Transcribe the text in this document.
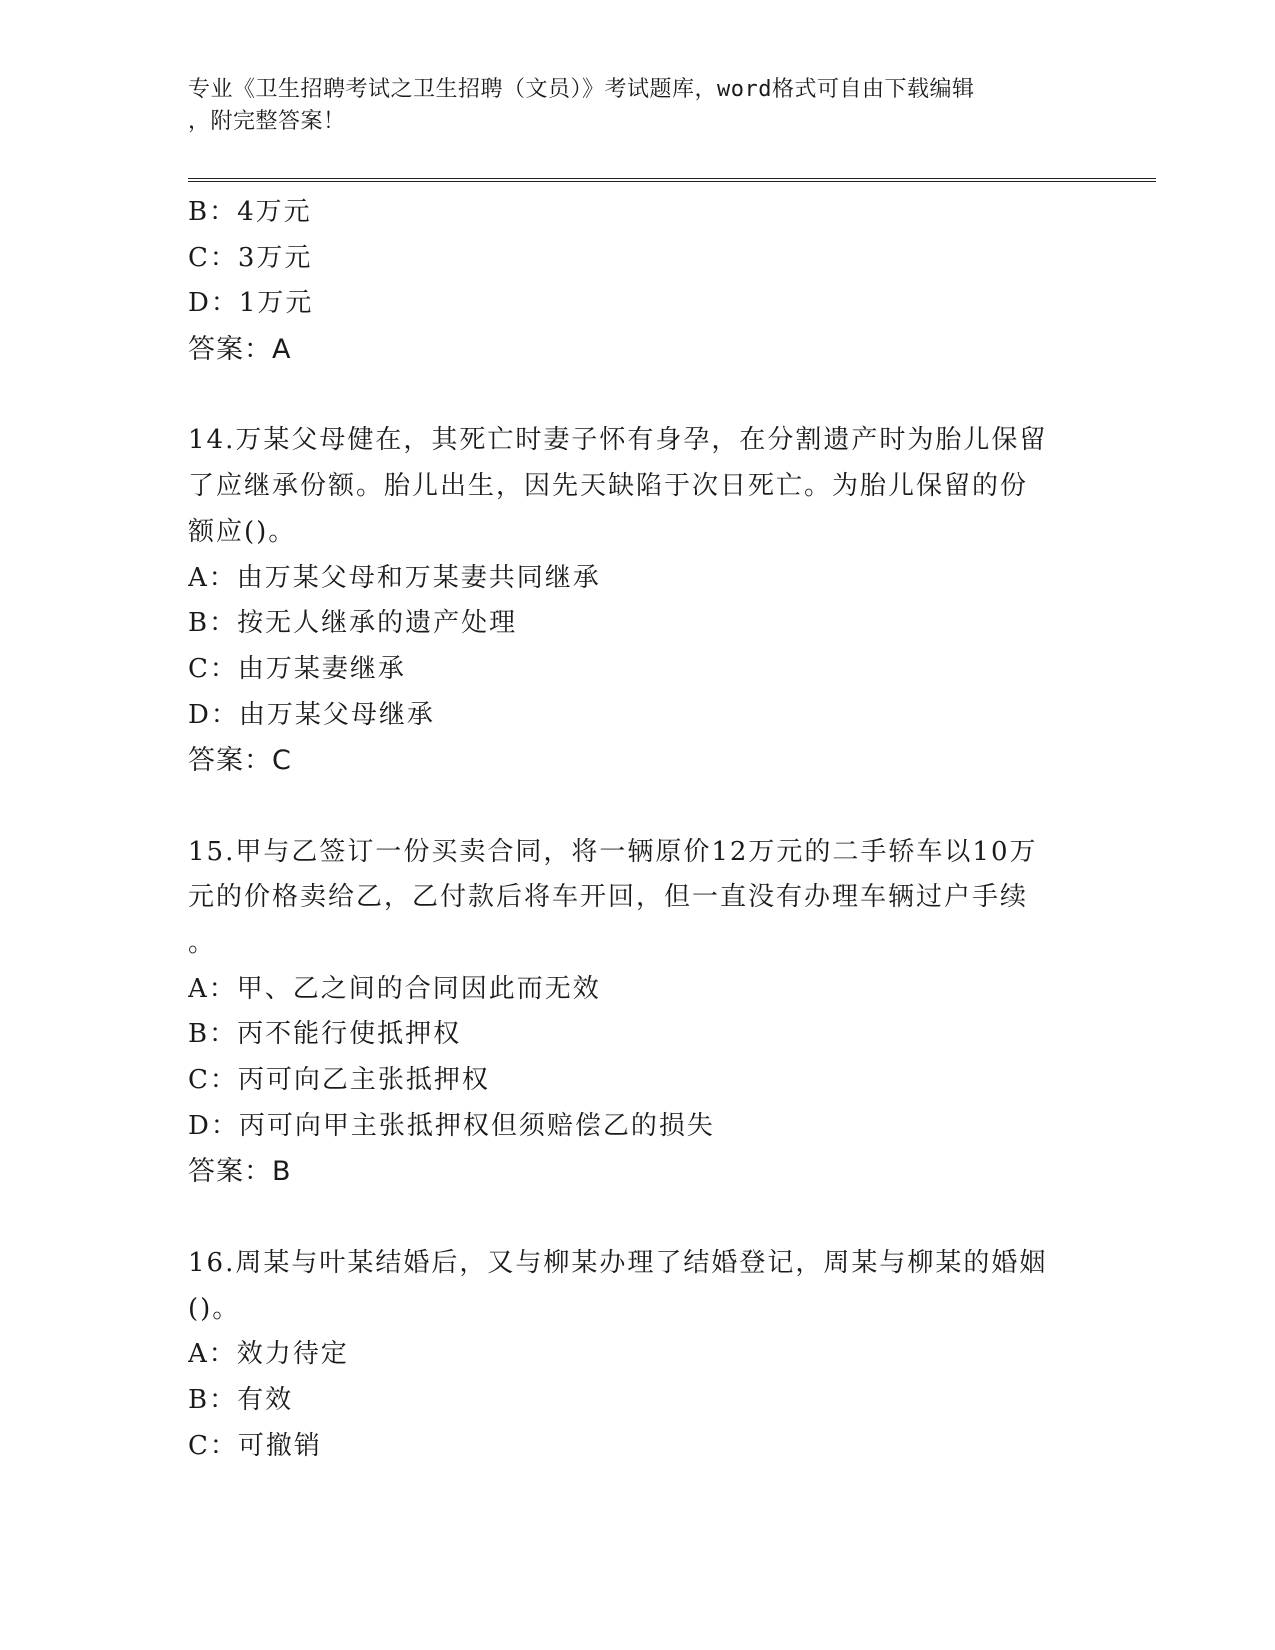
专业《卫生招聘考试之卫生招聘（文员）》考试题库，word格式可自由下载编辑
，附完整答案！
B：4万元
C：3万元
D：1万元
答案：A
14.万某父母健在，其死亡时妻子怀有身孕，在分割遗产时为胎儿保留
了应继承份额。胎儿出生，因先天缺陷于次日死亡。为胎儿保留的份
额应()。
A：由万某父母和万某妻共同继承
B：按无人继承的遗产处理
C：由万某妻继承
D：由万某父母继承
答案：C
15.甲与乙签订一份买卖合同，将一辆原价12万元的二手轿车以10万
元的价格卖给乙，乙付款后将车开回，但一直没有办理车辆过户手续
。
A：甲、乙之间的合同因此而无效
B：丙不能行使抵押权
C：丙可向乙主张抵押权
D：丙可向甲主张抵押权但须赔偿乙的损失
答案：B
16.周某与叶某结婚后，又与柳某办理了结婚登记，周某与柳某的婚姻
()。
A：效力待定
B：有效
C：可撤销
